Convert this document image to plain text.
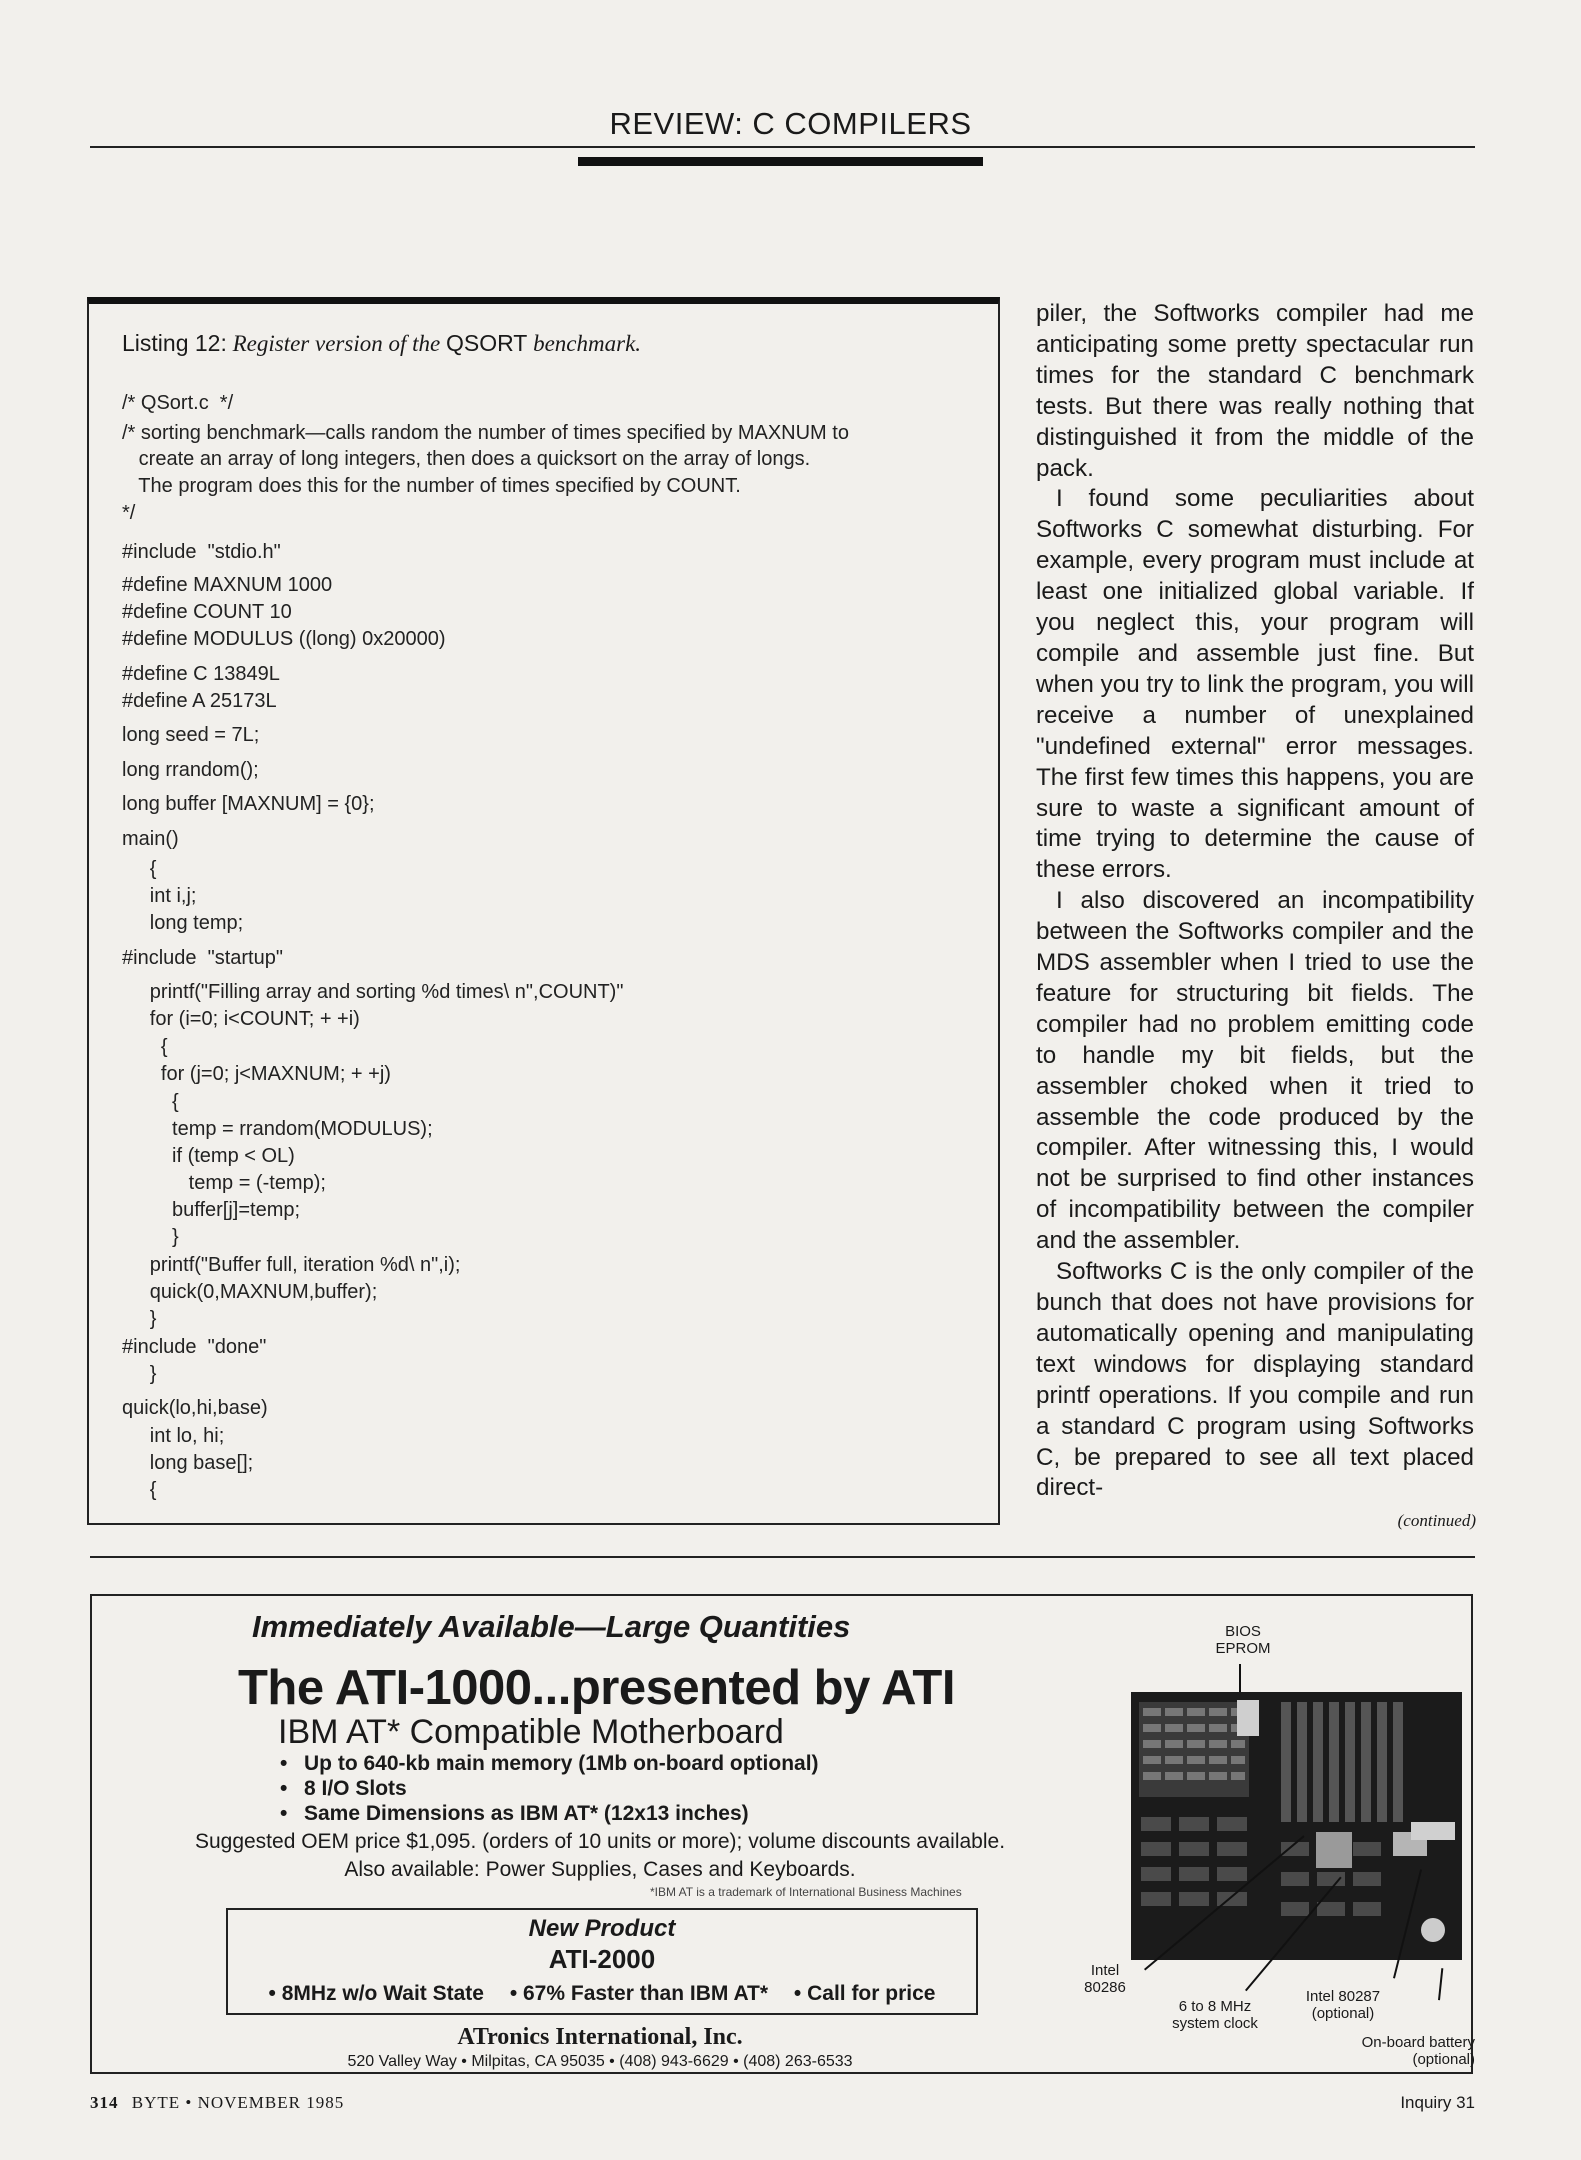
REVIEW: C COMPILERS
Listing 12: Register version of the QSORT benchmark.
/* QSort.c  */
/* sorting benchmark—calls random the number of times specified by MAXNUM to
create an array of long integers, then does a quicksort on the array of longs.
The program does this for the number of times specified by COUNT.
*/
#include  "stdio.h"
#define MAXNUM 1000
#define COUNT 10
#define MODULUS ((long) 0x20000)
#define C 13849L
#define A 25173L
long seed = 7L;
long rrandom();
long buffer [MAXNUM] = {0};
main()
{
int i,j;
long temp;
#include  "startup"
printf("Filling array and sorting %d times\ n",COUNT)"
for (i=0; i<COUNT; + +i)
{
for (j=0; j<MAXNUM; + +j)
{
temp = rrandom(MODULUS);
if (temp < OL)
temp = (-temp);
buffer[j]=temp;
}
printf("Buffer full, iteration %d\ n",i);
quick(0,MAXNUM,buffer);
}
#include  "done"
}
quick(lo,hi,base)
int lo, hi;
long base[];
{

piler, the Softworks compiler had me anticipating some pretty spectacular run times for the standard C benchmark tests. But there was really nothing that distinguished it from the middle of the pack.

I found some peculiarities about Softworks C somewhat disturbing. For example, every program must include at least one initialized global variable. If you neglect this, your program will compile and assemble just fine. But when you try to link the program, you will receive a number of unexplained "undefined external" error messages. The first few times this happens, you are sure to waste a significant amount of time trying to determine the cause of these errors.

I also discovered an incompatibility between the Softworks compiler and the MDS assembler when I tried to use the feature for structuring bit fields. The compiler had no problem emitting code to handle my bit fields, but the assembler choked when it tried to assemble the code produced by the compiler. After witnessing this, I would not be surprised to find other instances of incompatibility between the compiler and the assembler.

Softworks C is the only compiler of the bunch that does not have provisions for automatically opening and manipulating text windows for displaying standard printf operations. If you compile and run a standard C program using Softworks C, be prepared to see all text placed direct-

(continued)
Immediately Available—Large Quantities
The ATI-1000...presented by ATI
IBM AT* Compatible Motherboard
• Up to 640-kb main memory (1Mb on-board optional)
• 8 I/O Slots
• Same Dimensions as IBM AT* (12x13 inches)
Suggested OEM price $1,095. (orders of 10 units or more); volume discounts available.
Also available: Power Supplies, Cases and Keyboards.
*IBM AT is a trademark of International Business Machines
New Product
ATI-2000
• 8MHz w/o Wait State • 67% Faster than IBM AT* • Call for price
ATronics International, Inc.
520 Valley Way • Milpitas, CA 95035 • (408) 943-6629 • (408) 263-6533
BIOS
EPROM
Intel
80286
6 to 8 MHz
system clock
Intel 80287
(optional)
On-board battery
(optional)
314 BYTE • NOVEMBER 1985	Inquiry 31
